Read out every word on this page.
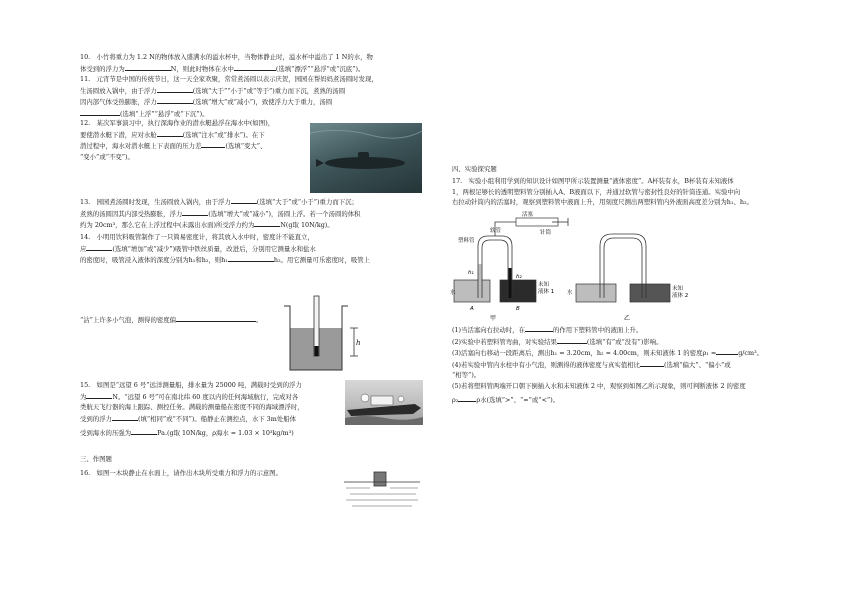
10.　小竹将重力为 1.2 N的物体放入盛满水的溢水杯中，当物体静止时，溢水杯中溢出了 1 N的水，物

体受到的浮力为	N，则此时物体在水中	(选填“漂浮”“悬浮”或“沉底”)。

11.　元宵节是中国的传统节日，这一天全家欢聚，常常煮汤圆以表示庆贺，园园在帮妈妈煮汤圆时发现，

生汤圆放入锅中，由于浮力	(选填“大于”“小于”或“等于”)重力而下沉，煮熟的汤圆

因内部气体受热膨胀，浮力	(选填“增大”或“减小”)，致使浮力大于重力，汤圆

(选填“上浮”“悬浮”或“下沉”)。

12.　某次军事演习中，执行深海作业的潜水艇悬浮在海水中(如图)，

要使潜水艇下潜，应对水舱	(选填“注水”或“排水”)。在下

潜过程中，海水对潜水艇上下表面的压力差	(选填“变大”、

“变小”或“不变”)。

13.　园园煮汤圆时发现，生汤圆放入锅内，由于浮力	(选填“大于”或“小于”)重力而下沉；

煮熟的汤圆因其内部受热膨胀，浮力	(选填“增大”或“减小”)，汤圆上浮。若一个汤圆的体积

约为 20cm³，那么它在上浮过程中(未露出水面)所受浮力约为	N(g取 10N/kg)。

14.　小明用饮料吸管制作了一只简易密度计，将其放入水中时，密度计不能直立，

应	(选填“增加”或“减少”)吸管中铁丝质量，改进后，分别用它测量水和盐水

的密度时，吸管浸入液体的深度分别为h₁和h₂，则h₁	h₂。用它测量可乐密度时，吸管上

“沾”上许多小气泡，测得的密度偏	。

15.　如图是“远望 6 号”远洋测量船，排水量为 25000 吨，满载时受到的浮力

为	N。“远望 6 号”可在南北纬 60 度以内的任何海域航行，完成对各

类航天飞行器的海上跟踪、测控任务。满载的测量船在密度不同的海域漂浮时，

受到的浮力	(填“相同”或“不同”)。船静止在测控点，水下 3m处船体

受到海水的压强为	Pa.(g取 10N/kg，ρ海水 = 1.03 × 10³kg/m³)

三、作图题

16.　如图一木块静止在水面上，请作出木块所受重力和浮力的示意图。

h

四、实验探究题

17.　实验小组利用学到的知识设计如图甲所示装置测量“液体密度”。A杯装有水，B杯装有未知液体

1，两根足够长的透明塑料管分别插入A、B液面以下，并通过软管与密封性良好的针筒连通。实验中向

右拉动针筒内的活塞时，观察到塑料管中液面上升，用刻度尺测出两塑料管内外液面高度差分别为h₁、h₂。

(1)当活塞向右拉动时，在	的作用下塑料管中的液面上升。

(2)实验中若塑料管弯曲，对实验结果	(选填“有”或“没有”)影响。

(3)活塞向右移动一段距离后，测出h₁ = 3.20cm，h₂ = 4.00cm，则未知液体 1 的密度ρ₁ =	g/cm³。

(4)若实验中管内水柱中有小气泡，则测得的液体密度与真实值相比	(选填“偏大”、“偏小”或

“相等”)。

(5)若将塑料管两端开口朝下倒插入水和未知液体 2 中，观察到如图乙所示现象，则可判断液体 2 的密度

ρ₂	ρ水(选填“>”、“=”或“<”)。

活塞
塑料管
软管	针筒
h₁
h₂
水
未知
液体 1
A	B
甲
水
未知
液体 2
乙
